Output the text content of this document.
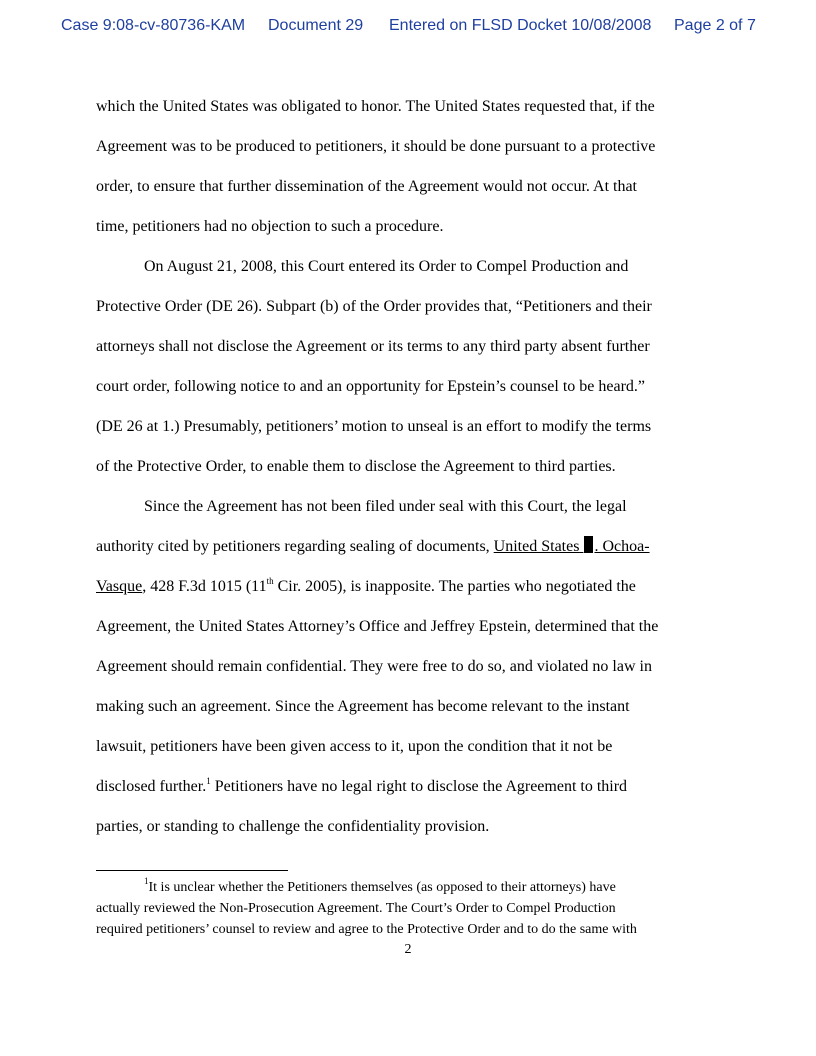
Case 9:08-cv-80736-KAM Document 29 Entered on FLSD Docket 10/08/2008 Page 2 of 7
which the United States was obligated to honor. The United States requested that, if the
Agreement was to be produced to petitioners, it should be done pursuant to a protective
order, to ensure that further dissemination of the Agreement would not occur. At that
time, petitioners had no objection to such a procedure.
On August 21, 2008, this Court entered its Order to Compel Production and
Protective Order (DE 26). Subpart (b) of the Order provides that, “Petitioners and their
attorneys shall not disclose the Agreement or its terms to any third party absent further
court order, following notice to and an opportunity for Epstein’s counsel to be heard.”
(DE 26 at 1.) Presumably, petitioners’ motion to unseal is an effort to modify the terms
of the Protective Order, to enable them to disclose the Agreement to third parties.
Since the Agreement has not been filed under seal with this Court, the legal
authority cited by petitioners regarding sealing of documents, United States . Ochoa-
Vasque, 428 F.3d 1015 (11th Cir. 2005), is inapposite. The parties who negotiated the
Agreement, the United States Attorney’s Office and Jeffrey Epstein, determined that the
Agreement should remain confidential. They were free to do so, and violated no law in
making such an agreement. Since the Agreement has become relevant to the instant
lawsuit, petitioners have been given access to it, upon the condition that it not be
disclosed further.$^1$ Petitioners have no legal right to disclose the Agreement to third
parties, or standing to challenge the confidentiality provision.
$^1$It is unclear whether the Petitioners themselves (as opposed to their attorneys) have
actually reviewed the Non-Prosecution Agreement. The Court’s Order to Compel Production
required petitioners’ counsel to review and agree to the Protective Order and to do the same with
2
